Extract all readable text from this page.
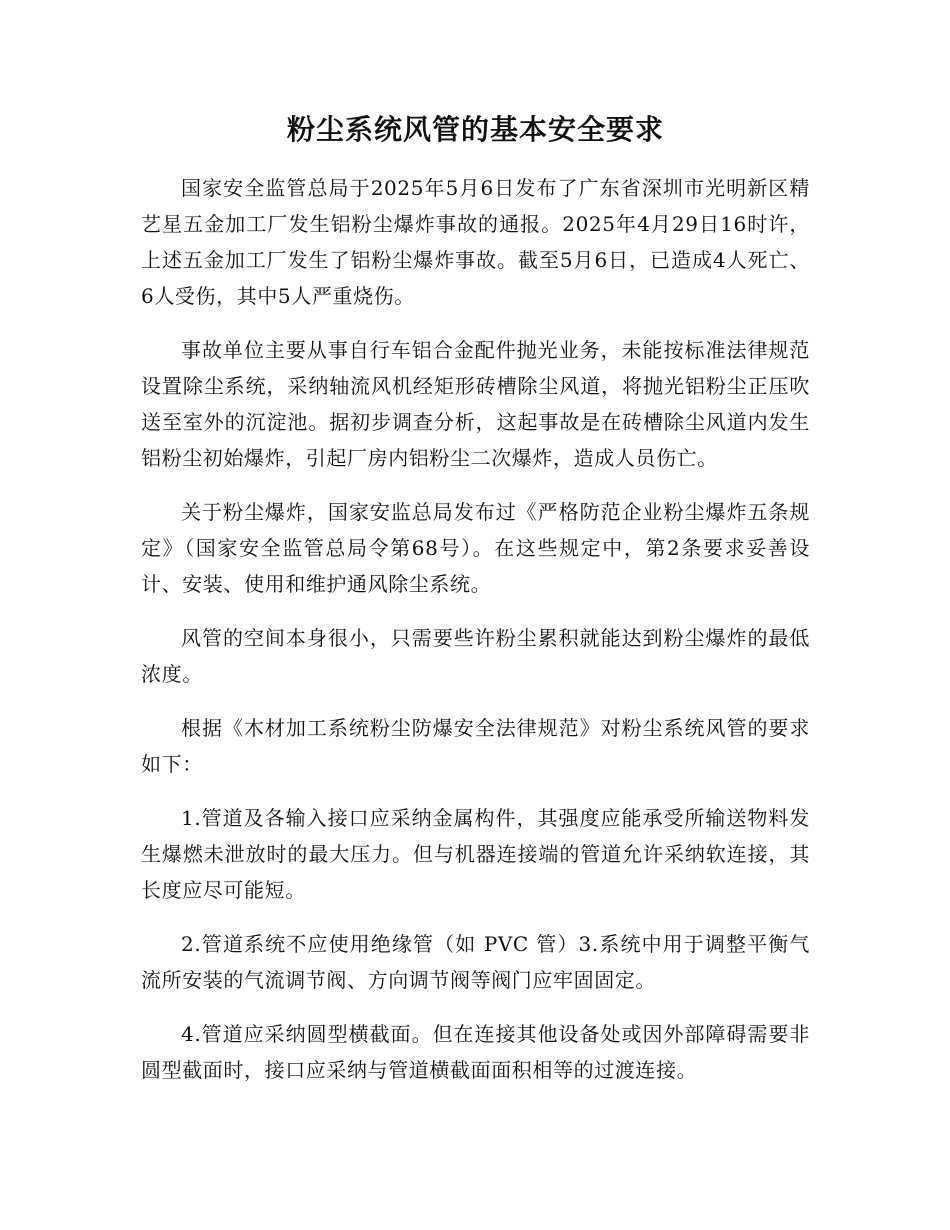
粉尘系统风管的基本安全要求

国家安全监管总局于2025年5月6日发布了广东省深圳市光明新区精艺星五金加工厂发生铝粉尘爆炸事故的通报。2025年4月29日16时许，上述五金加工厂发生了铝粉尘爆炸事故。截至5月6日，已造成4人死亡、6人受伤，其中5人严重烧伤。

事故单位主要从事自行车铝合金配件抛光业务，未能按标准法律规范设置除尘系统，采纳轴流风机经矩形砖槽除尘风道，将抛光铝粉尘正压吹送至室外的沉淀池。据初步调查分析，这起事故是在砖槽除尘风道内发生铝粉尘初始爆炸，引起厂房内铝粉尘二次爆炸，造成人员伤亡。

关于粉尘爆炸，国家安监总局发布过《严格防范企业粉尘爆炸五条规定》（国家安全监管总局令第68号）。在这些规定中，第2条要求妥善设计、安装、使用和维护通风除尘系统。

风管的空间本身很小，只需要些许粉尘累积就能达到粉尘爆炸的最低浓度。

根据《木材加工系统粉尘防爆安全法律规范》对粉尘系统风管的要求如下：

1.管道及各输入接口应采纳金属构件，其强度应能承受所输送物料发生爆燃未泄放时的最大压力。但与机器连接端的管道允许采纳软连接，其长度应尽可能短。

2.管道系统不应使用绝缘管（如 PVC 管）3.系统中用于调整平衡气流所安装的气流调节阀、方向调节阀等阀门应牢固固定。

4.管道应采纳圆型横截面。但在连接其他设备处或因外部障碍需要非圆型截面时，接口应采纳与管道横截面面积相等的过渡连接。
